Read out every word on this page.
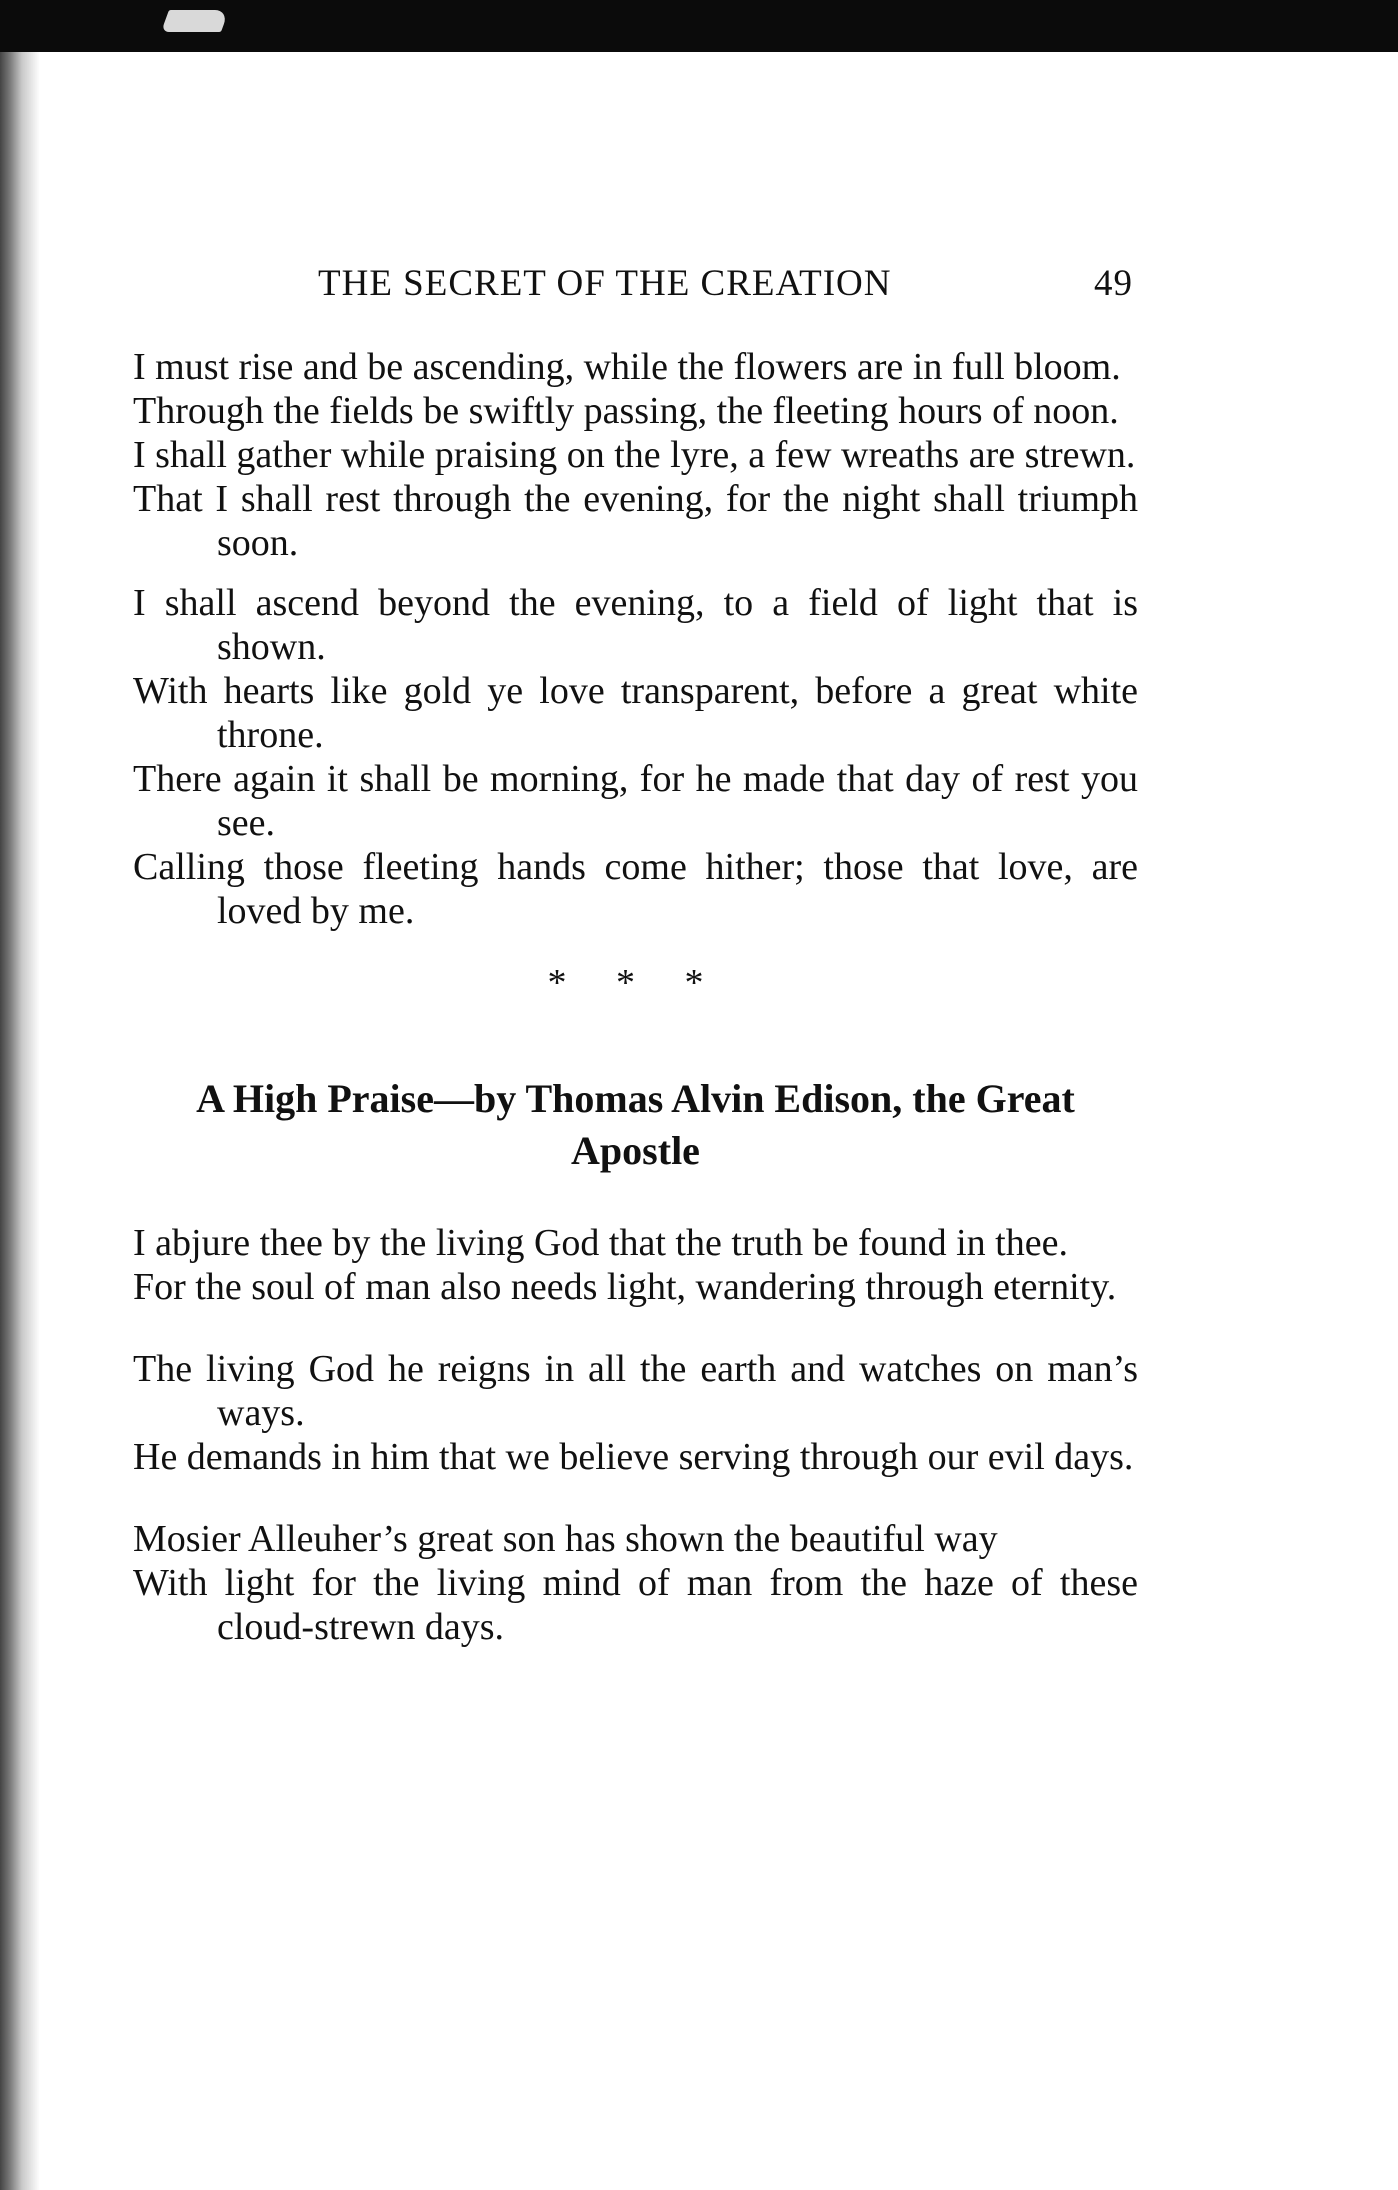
THE SECRET OF THE CREATION	49

I must rise and be ascending, while the flowers are in full bloom.

Through the fields be swiftly passing, the fleeting hours of noon.

I shall gather while praising on the lyre, a few wreaths are strewn.

That I shall rest through the evening, for the night shall triumph soon.

I shall ascend beyond the evening, to a field of light that is shown.

With hearts like gold ye love transparent, before a great white throne.

There again it shall be morning, for he made that day of rest you see.

Calling those fleeting hands come hither; those that love, are loved by me.

* * *

A High Praise—by Thomas Alvin Edison, the Great Apostle

I abjure thee by the living God that the truth be found in thee.

For the soul of man also needs light, wandering through eternity.

The living God he reigns in all the earth and watches on man’s ways.

He demands in him that we believe serving through our evil days.

Mosier Alleuher’s great son has shown the beautiful way

With light for the living mind of man from the haze of these cloud-strewn days.
